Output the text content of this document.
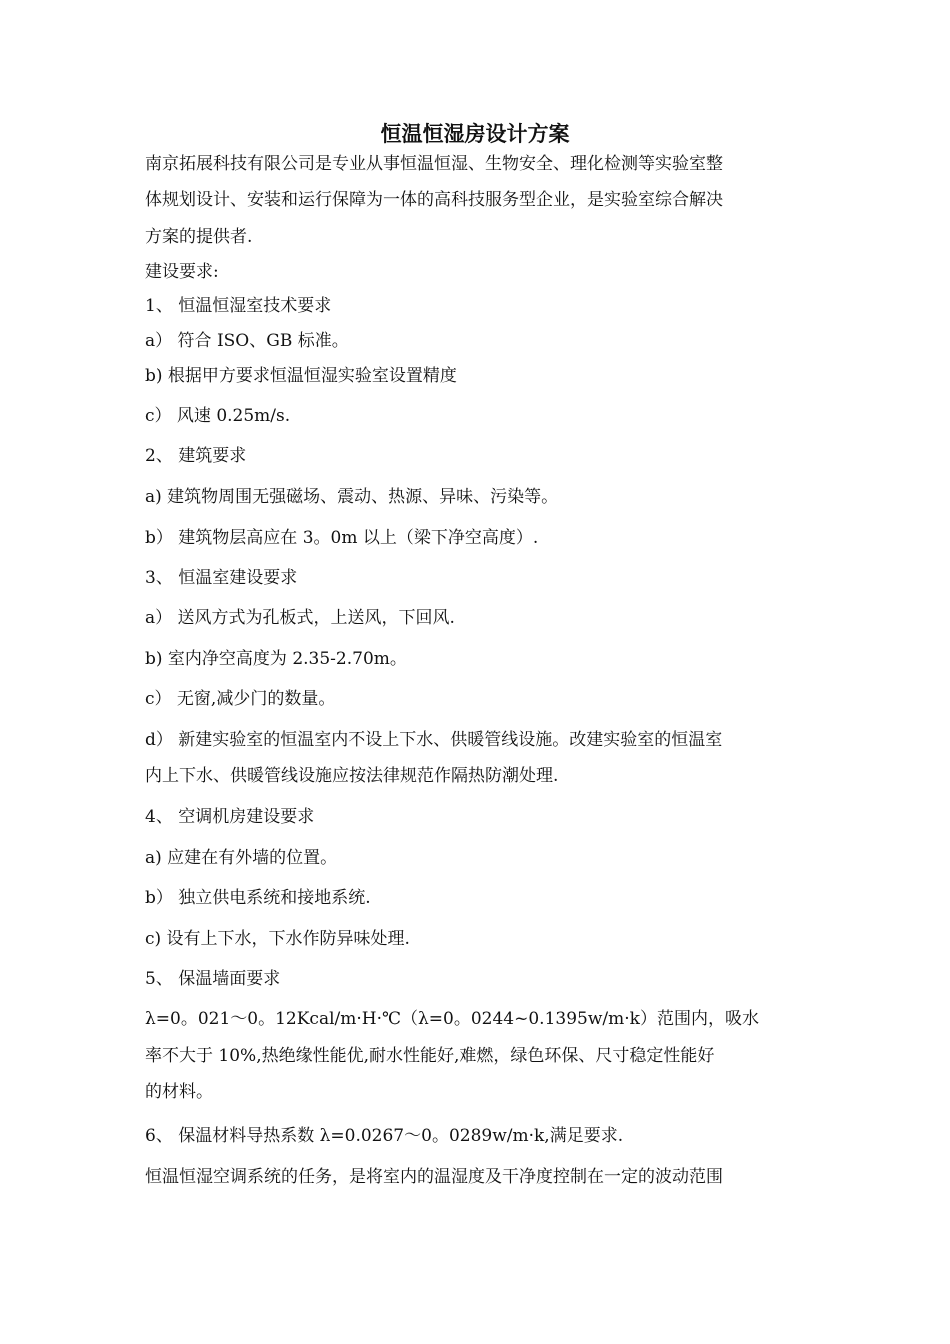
恒温恒湿房设计方案
南京拓展科技有限公司是专业从事恒温恒湿、生物安全、理化检测等实验室整
体规划设计、安装和运行保障为一体的高科技服务型企业，是实验室综合解决
方案的提供者.
建设要求:
1、 恒温恒湿室技术要求
a） 符合 ISO、GB 标准。
b) 根据甲方要求恒温恒湿实验室设置精度
c） 风速 0.25m/s.
2、 建筑要求
a) 建筑物周围无强磁场、震动、热源、异味、污染等。
b） 建筑物层高应在 3。0m 以上（梁下净空高度）.
3、 恒温室建设要求
a） 送风方式为孔板式，上送风，下回风.
b) 室内净空高度为 2.35-2.70m。
c） 无窗,减少门的数量。
d） 新建实验室的恒温室内不设上下水、供暖管线设施。改建实验室的恒温室
内上下水、供暖管线设施应按法律规范作隔热防潮处理.
4、 空调机房建设要求
a) 应建在有外墙的位置。
b） 独立供电系统和接地系统.
c) 设有上下水，下水作防异味处理.
5、 保温墙面要求
λ=0。021～0。12Kcal/m·H·℃（λ=0。0244~0.1395w/m·k）范围内，吸水
率不大于 10%,热绝缘性能优,耐水性能好,难燃，绿色环保、尺寸稳定性能好
的材料。
6、 保温材料导热系数 λ=0.0267～0。0289w/m·k,满足要求.
恒温恒湿空调系统的任务，是将室内的温湿度及干净度控制在一定的波动范围
